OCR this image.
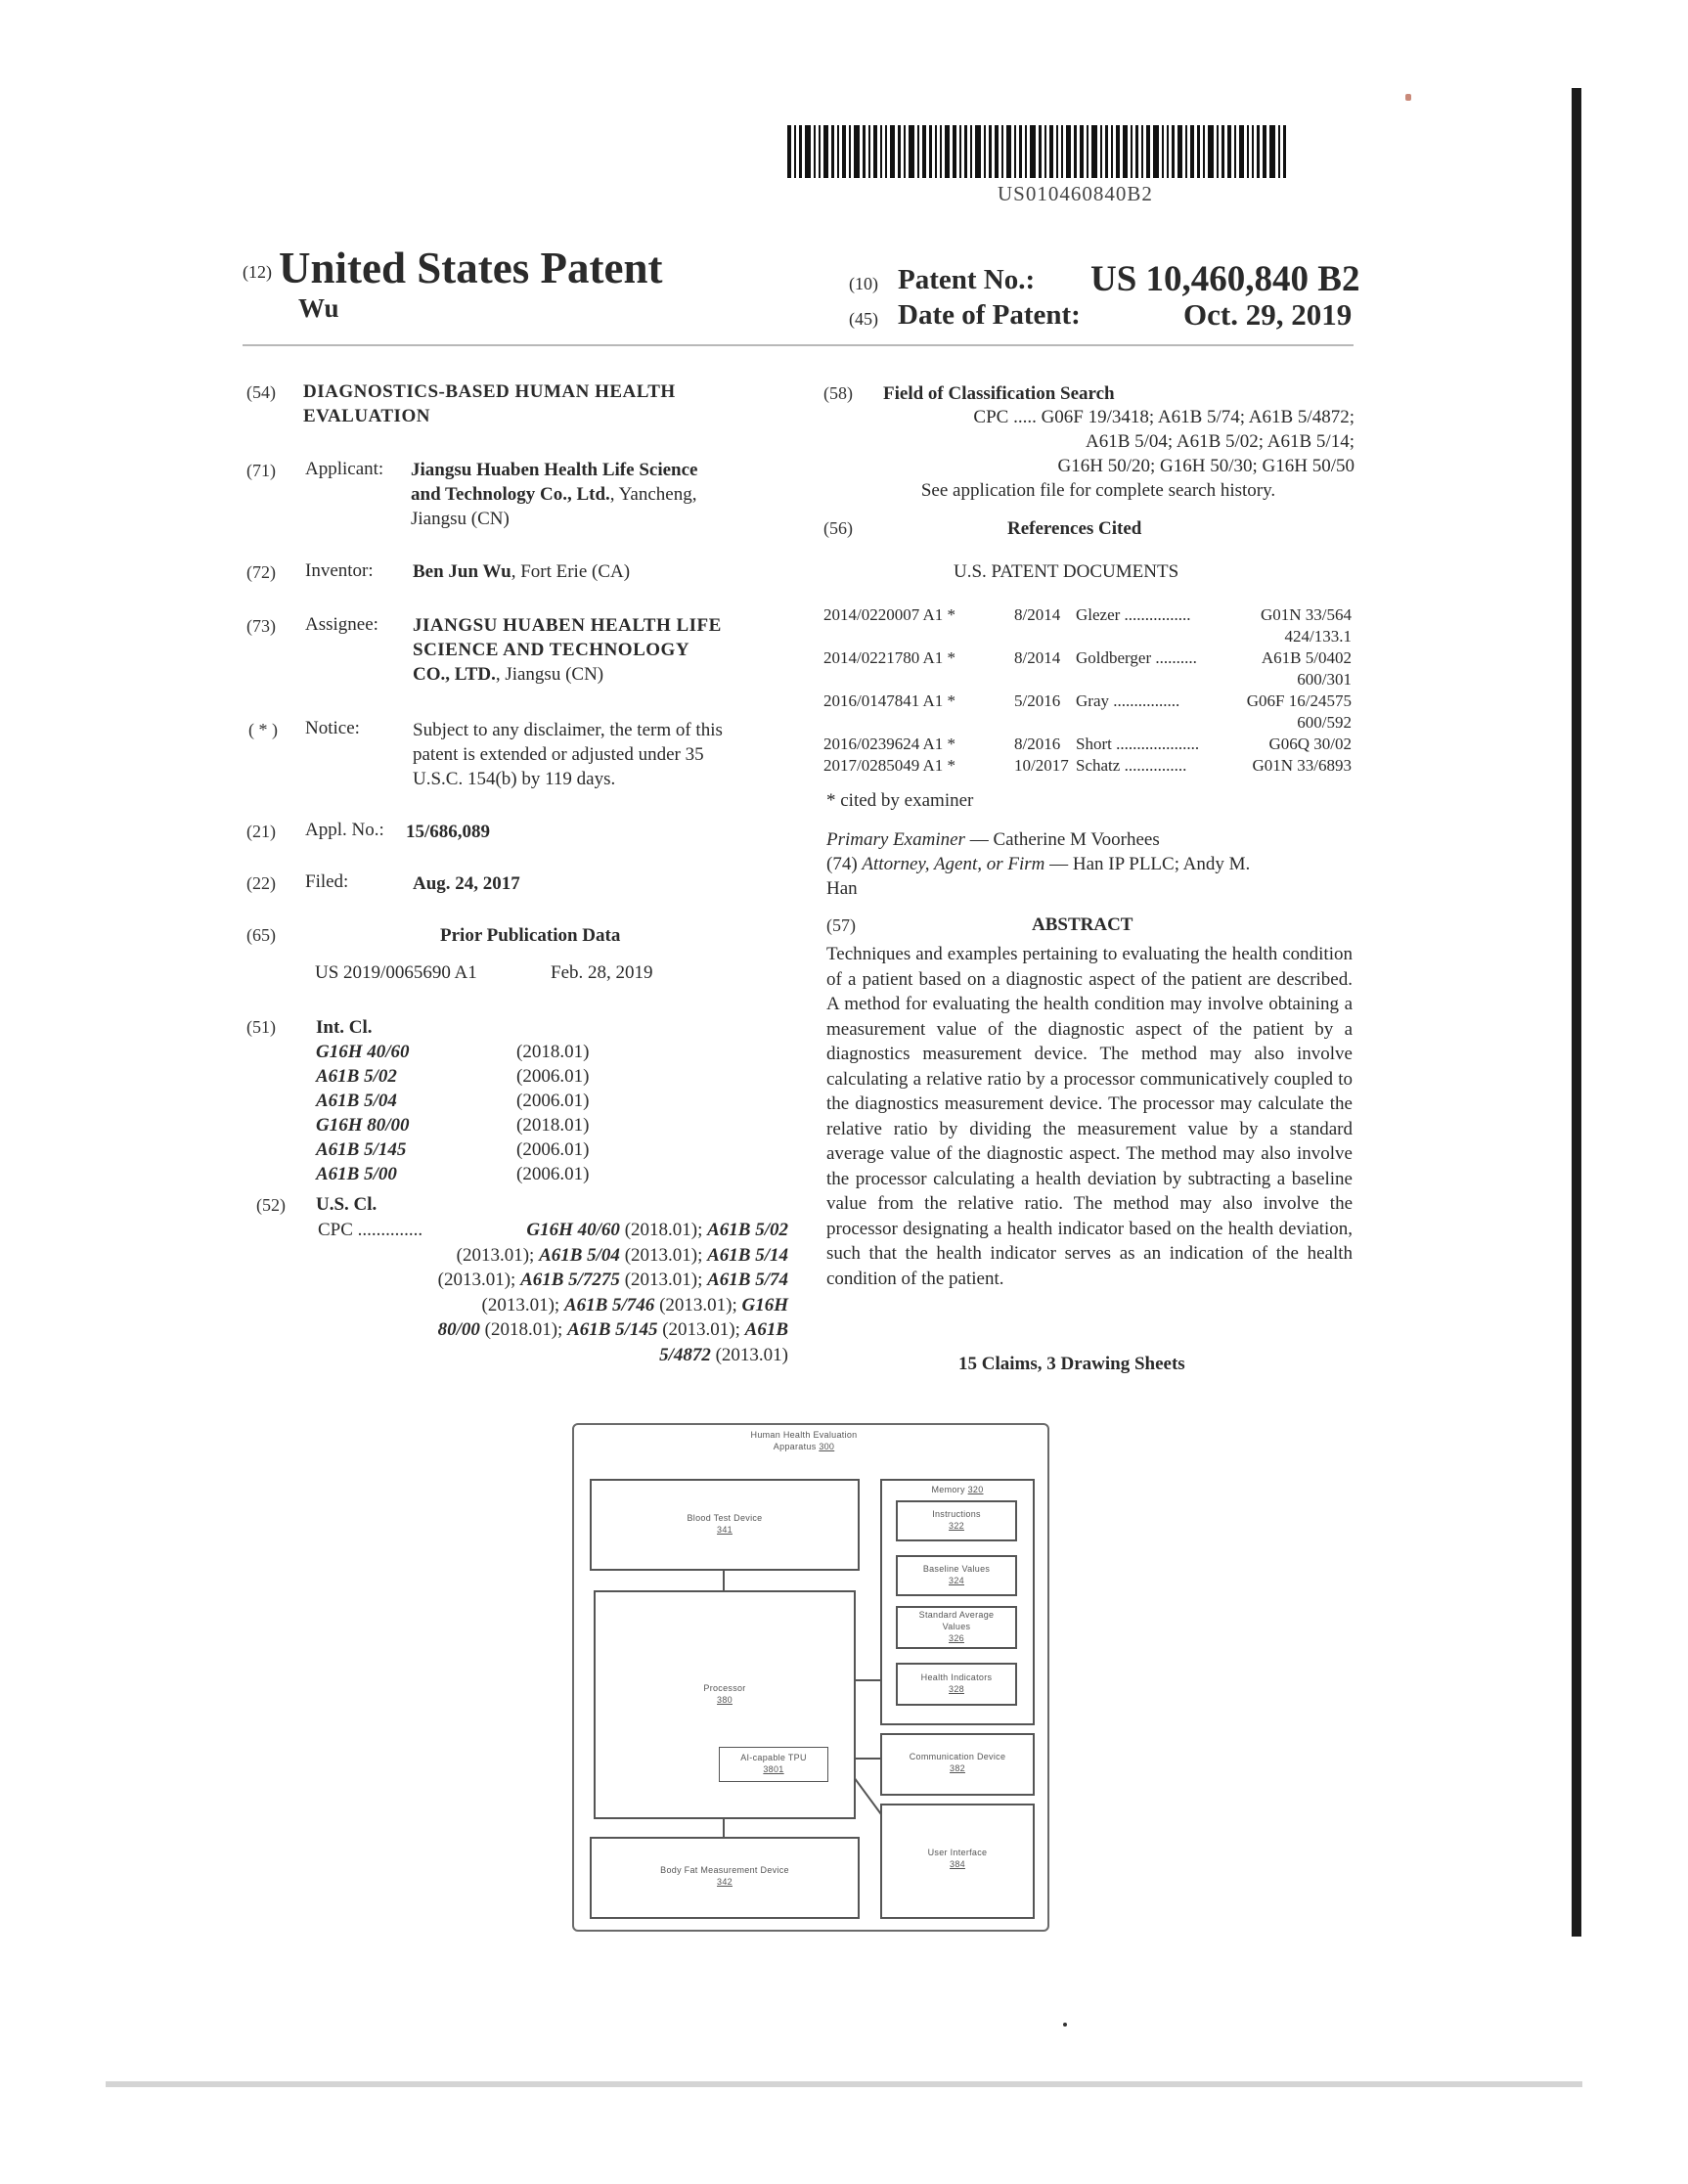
US010460840B2
(12) United States Patent
Wu
(10) Patent No.: US 10,460,840 B2
(45) Date of Patent:	Oct. 29, 2019
(54) DIAGNOSTICS-BASED HUMAN HEALTH
EVALUATION
(71) Applicant: Jiangsu Huaben Health Life Science
and Technology Co., Ltd., Yancheng,
Jiangsu (CN)
(72) Inventor: Ben Jun Wu, Fort Erie (CA)
(73) Assignee: JIANGSU HUABEN HEALTH LIFE
SCIENCE AND TECHNOLOGY
CO., LTD., Jiangsu (CN)
( * ) Notice:	Subject to any disclaimer, the term of this
patent is extended or adjusted under 35
U.S.C. 154(b) by 119 days.
(21) Appl. No.: 15/686,089
(22) Filed:	Aug. 24, 2017
(65)	Prior Publication Data
US 2019/0065690 A1	Feb. 28, 2019
(51) Int. Cl.
G16H 40/60	(2018.01)
A61B 5/02	(2006.01)
A61B 5/04	(2006.01)
G16H 80/00	(2018.01)
A61B 5/145	(2006.01)
A61B 5/00	(2006.01)
(52) U.S. Cl.
CPC ..............	G16H 40/60 (2018.01); A61B 5/02
(2013.01); A61B 5/04 (2013.01); A61B 5/14
(2013.01); A61B 5/7275 (2013.01); A61B 5/74
(2013.01); A61B 5/746 (2013.01); G16H
80/00 (2018.01); A61B 5/145 (2013.01); A61B
5/4872 (2013.01)
(58) Field of Classification Search
CPC ..... G06F 19/3418; A61B 5/74; A61B 5/4872;
A61B 5/04; A61B 5/02; A61B 5/14;
G16H 50/20; G16H 50/30; G16H 50/50
See application file for complete search history.
(56)	References Cited
U.S. PATENT DOCUMENTS
2014/0220007 A1 *	8/2014 Glezer ................	G01N 33/564
424/133.1
2014/0221780 A1 *	8/2014 Goldberger ..........	A61B 5/0402
600/301
2016/0147841 A1 *	5/2016 Gray ................	G06F 16/24575
600/592
2016/0239624 A1 *	8/2016 Short ....................	G06Q 30/02
2017/0285049 A1 *	10/2017 Schatz ...............	G01N 33/6893
* cited by examiner
Primary Examiner — Catherine M Voorhees
(74) Attorney, Agent, or Firm — Han IP PLLC; Andy M.
Han
(57)	ABSTRACT
Techniques and examples pertaining to evaluating the health condition of a patient based on a diagnostic aspect of the patient are described. A method for evaluating the health condition may involve obtaining a measurement value of the diagnostic aspect of the patient by a diagnostics measurement device. The method may also involve calculating a relative ratio by a processor communicatively coupled to the diagnostics measurement device. The processor may calculate the relative ratio by dividing the measurement value by a standard average value of the diagnostic aspect. The method may also involve the processor calculating a health deviation by subtracting a baseline value from the relative ratio. The method may also involve the processor designating a health indicator based on the health deviation, such that the health indicator serves as an indication of the health condition of the patient.
15 Claims, 3 Drawing Sheets
Human Health Evaluation
Apparatus 300
Blood Test Device
341
Processor
380
AI-capable TPU
3801
Body Fat Measurement Device
342
Memory 320
Instructions
322
Baseline Values
324
Standard Average
Values
326
Health Indicators
328
Communication Device
382
User Interface
384
